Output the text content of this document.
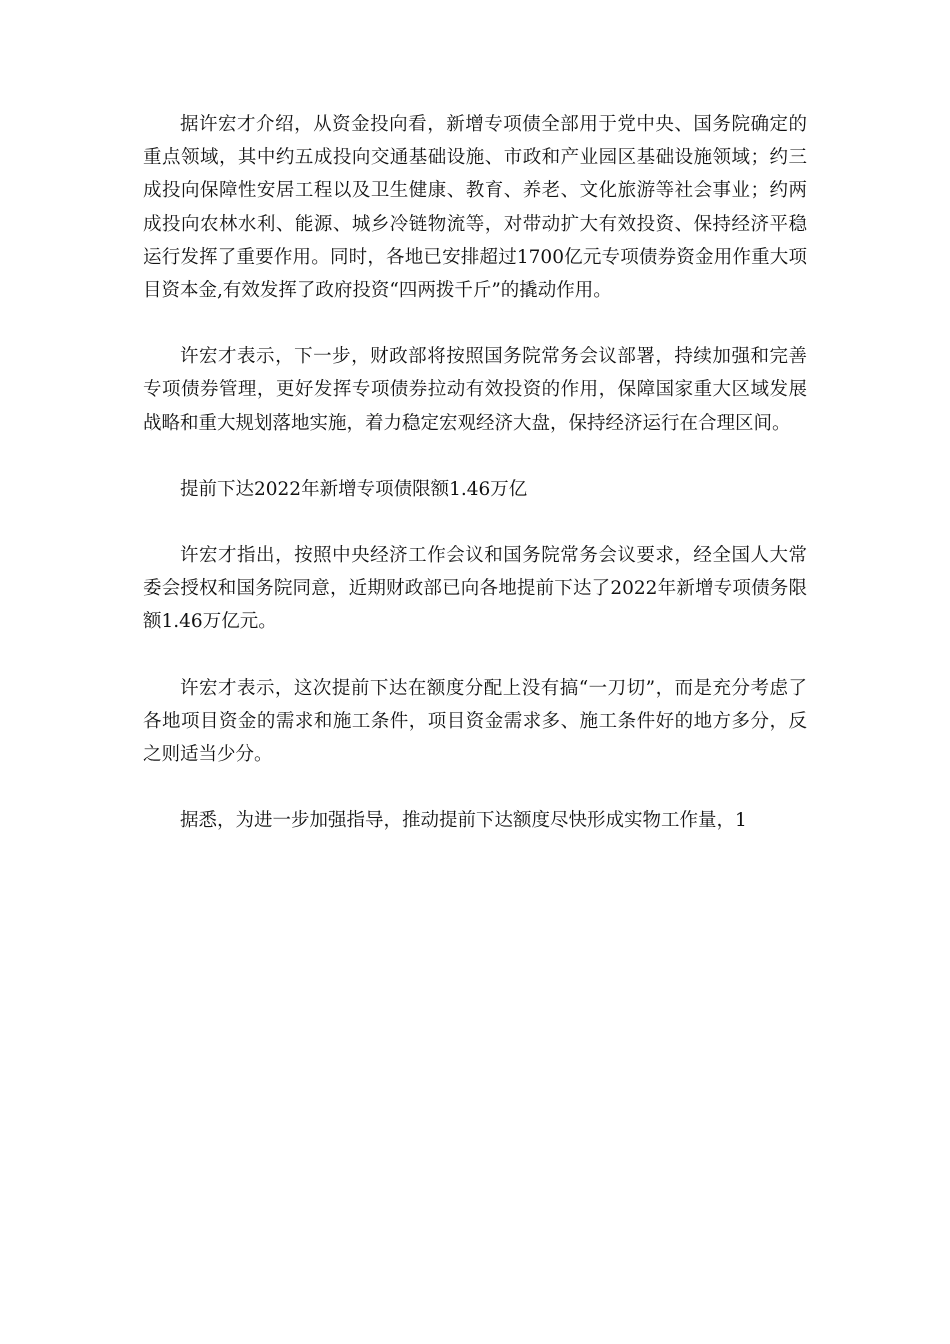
据许宏才介绍，从资金投向看，新增专项债全部用于党中央、国务院确定的重点领域，其中约五成投向交通基础设施、市政和产业园区基础设施领域；约三成投向保障性安居工程以及卫生健康、教育、养老、文化旅游等社会事业；约两成投向农林水利、能源、城乡冷链物流等，对带动扩大有效投资、保持经济平稳运行发挥了重要作用。同时，各地已安排超过1700亿元专项债券资金用作重大项目资本金,有效发挥了政府投资“四两拨千斤”的撬动作用。

许宏才表示，下一步，财政部将按照国务院常务会议部署，持续加强和完善专项债券管理，更好发挥专项债券拉动有效投资的作用，保障国家重大区域发展战略和重大规划落地实施，着力稳定宏观经济大盘，保持经济运行在合理区间。

提前下达2022年新增专项债限额1.46万亿

许宏才指出，按照中央经济工作会议和国务院常务会议要求，经全国人大常委会授权和国务院同意，近期财政部已向各地提前下达了2022年新增专项债务限额1.46万亿元。

许宏才表示，这次提前下达在额度分配上没有搞“一刀切”，而是充分考虑了各地项目资金的需求和施工条件，项目资金需求多、施工条件好的地方多分，反之则适当少分。

据悉，为进一步加强指导，推动提前下达额度尽快形成实物工作量，1
